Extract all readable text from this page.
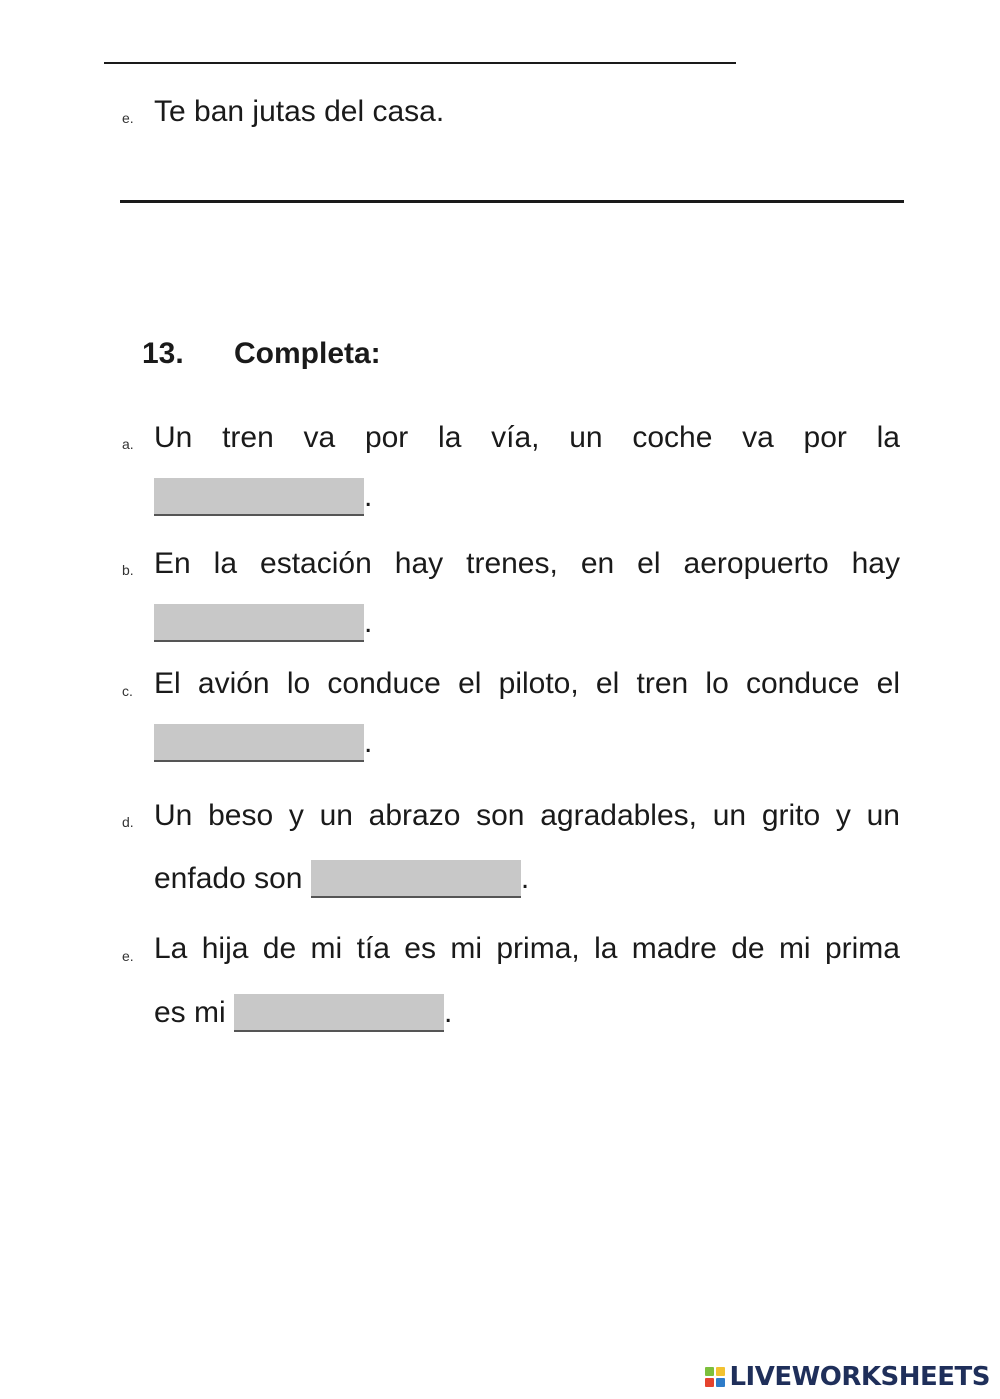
e. Te ban jutas del casa.
13. Completa:
a. Un tren va por la vía, un coche va por la
.
b. En la estación hay trenes, en el aeropuerto hay
.
c. El avión lo conduce el piloto, el tren lo conduce el
.
d. Un beso y un abrazo son agradables, un grito y un
enfado son	.
e. La hija de mi tía es mi prima, la madre de mi prima
es mi	.
LIVEWORKSHEETS
